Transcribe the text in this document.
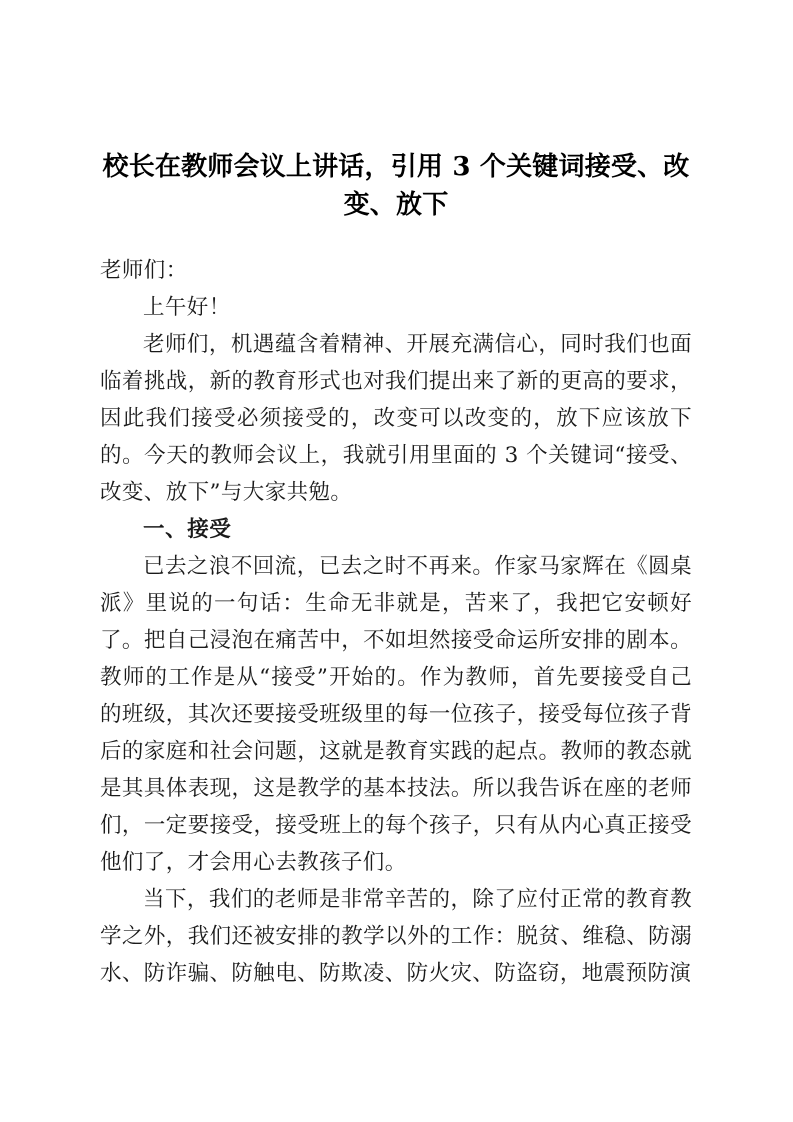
校长在教师会议上讲话，引用 3 个关键词接受、改
变、放下

老师们：

上午好！

老师们，机遇蕴含着精神、开展充满信心，同时我们也面临着挑战，新的教育形式也对我们提出来了新的更高的要求，因此我们接受必须接受的，改变可以改变的，放下应该放下的。今天的教师会议上，我就引用里面的 3 个关键词“接受、改变、放下”与大家共勉。

一、接受

已去之浪不回流，已去之时不再来。作家马家辉在《圆桌派》里说的一句话：生命无非就是，苦来了，我把它安顿好了。把自己浸泡在痛苦中，不如坦然接受命运所安排的剧本。教师的工作是从“接受”开始的。作为教师，首先要接受自己的班级，其次还要接受班级里的每一位孩子，接受每位孩子背后的家庭和社会问题，这就是教育实践的起点。教师的教态就是其具体表现，这是教学的基本技法。所以我告诉在座的老师们，一定要接受，接受班上的每个孩子，只有从内心真正接受他们了，才会用心去教孩子们。

当下，我们的老师是非常辛苦的，除了应付正常的教育教学之外，我们还被安排的教学以外的工作：脱贫、维稳、防溺水、防诈骗、防触电、防欺凌、防火灾、防盗窃，地震预防演
